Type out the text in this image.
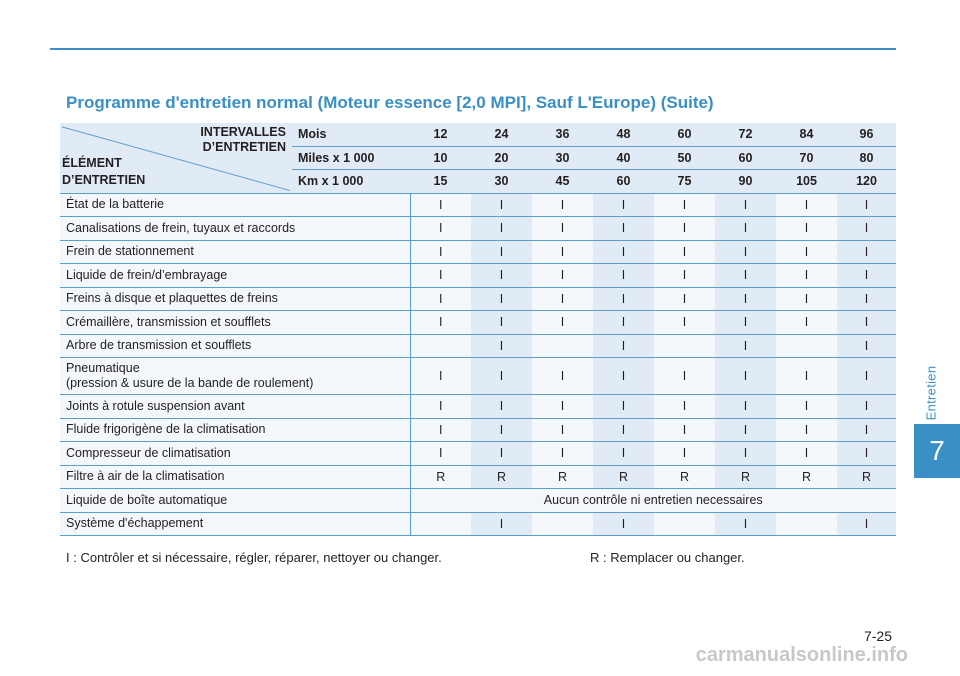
Programme d'entretien normal (Moteur essence [2,0 MPI], Sauf L'Europe) (Suite)
Entretien
7
INTERVALLES
D’ENTRETIEN
ÉLÉMENT
D’ENTRETIEN	Mois	12	24	36	48	60	72	84	96
	Miles x 1 000	10	20	30	40	50	60	70	80
	Km x 1 000	15	30	45	60	75	90	105	120
État de la batterie		I	I	I	I	I	I	I	I
Canalisations de frein, tuyaux et raccords		I	I	I	I	I	I	I	I
Frein de stationnement		I	I	I	I	I	I	I	I
Liquide de frein/d’embrayage		I	I	I	I	I	I	I	I
Freins à disque et plaquettes de freins		I	I	I	I	I	I	I	I
Crémaillère, transmission et soufflets		I	I	I	I	I	I	I	I
Arbre de transmission et soufflets			I		I		I		I

Pneumatique
(pression & usure de la bande de roulement)		I	I	I	I	I	I	I	I
Joints à rotule suspension avant		I	I	I	I	I	I	I	I
Fluide frigorigène de la climatisation		I	I	I	I	I	I	I	I
Compresseur de climatisation		I	I	I	I	I	I	I	I
Filtre à air de la climatisation		R	R	R	R	R	R	R	R
Liquide de boîte automatique		Aucun contrôle ni entretien necessaires							
Système d'échappement			I		I		I		I
I : Contrôler et si nécessaire, régler, réparer, nettoyer ou changer.	R : Remplacer ou changer.
7-25
carmanualsonline.info
